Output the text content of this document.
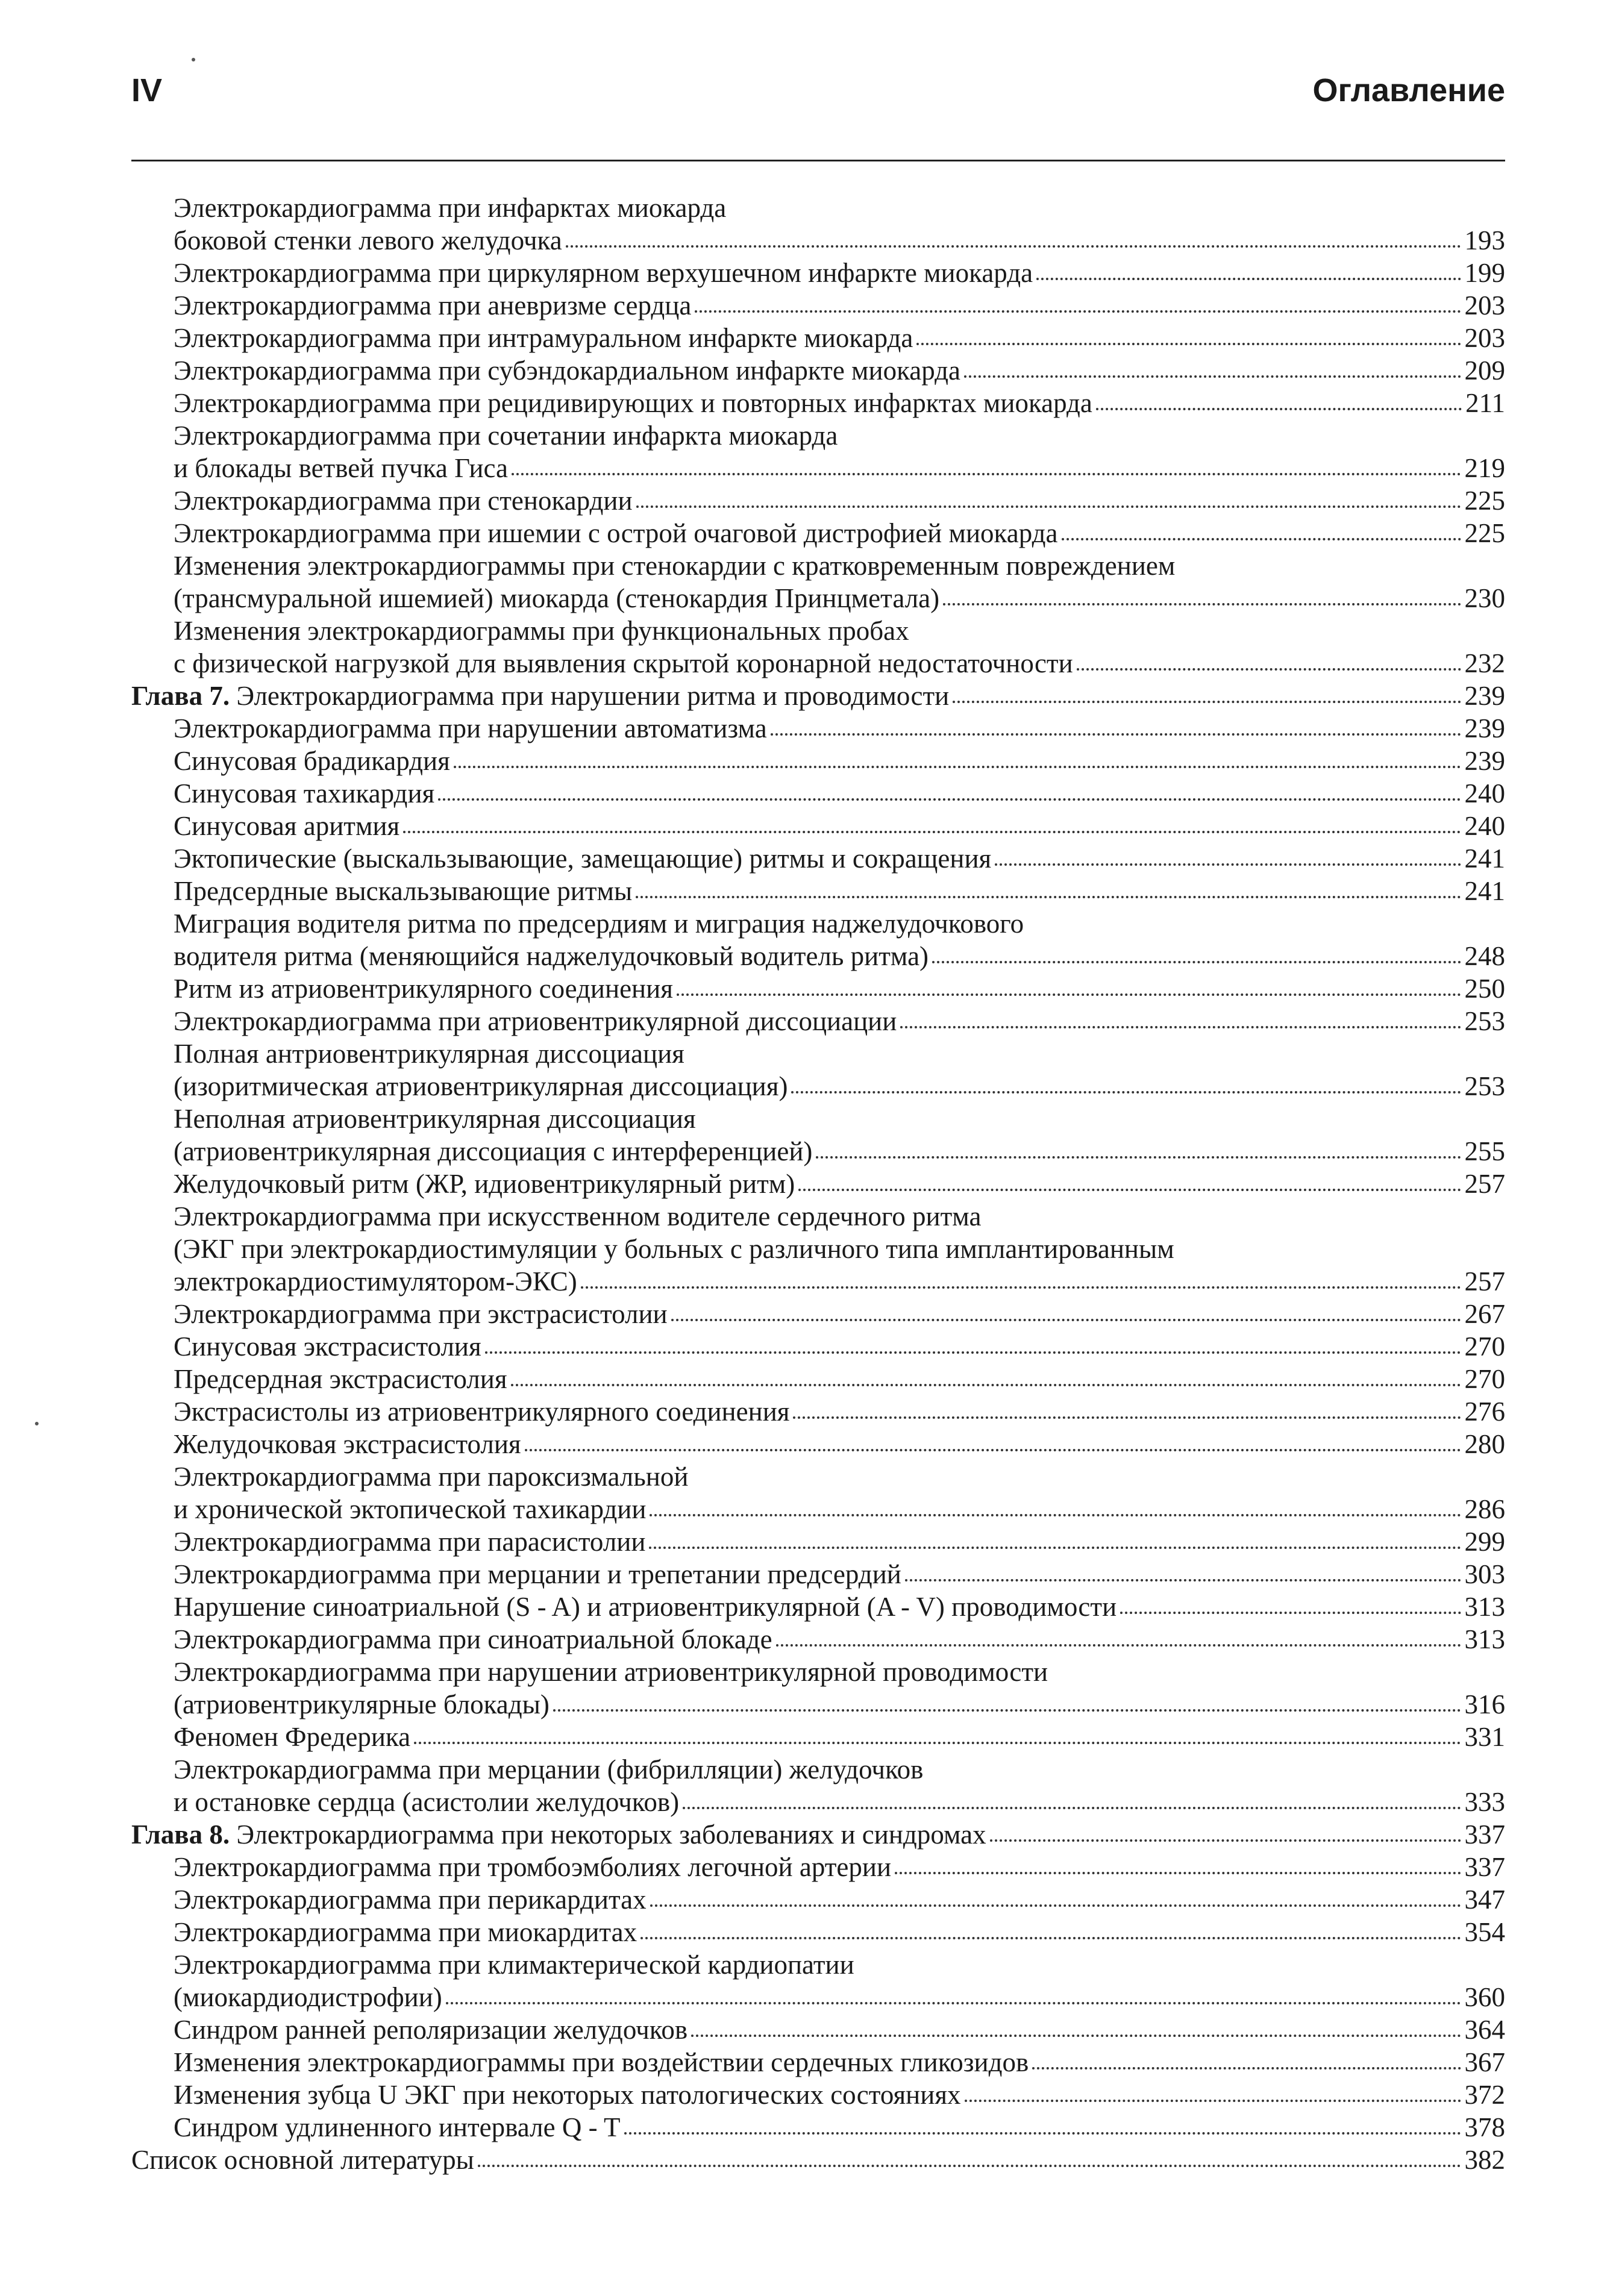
IV	Оглавление
Электрокардиограмма при инфарктах миокарда
боковой стенки левого желудочка	193
Электрокардиограмма при циркулярном верхушечном инфаркте миокарда	199
Электрокардиограмма при аневризме сердца	203
Электрокардиограмма при интрамуральном инфаркте миокарда	203
Электрокардиограмма при субэндокардиальном инфаркте миокарда	209
Электрокардиограмма при рецидивирующих и повторных инфарктах миокарда	211
Электрокардиограмма при сочетании инфаркта миокарда
и блокады ветвей пучка Гиса	219
Электрокардиограмма при стенокардии	225
Электрокардиограмма при ишемии с острой очаговой дистрофией миокарда	225
Изменения электрокардиограммы при стенокардии с кратковременным повреждением
(трансмуральной ишемией) миокарда (стенокардия Принцметала)	230
Изменения электрокардиограммы при функциональных пробах
с физической нагрузкой для выявления скрытой коронарной недостаточности	232
Глава 7.
Электрокардиограмма при нарушении ритма и проводимости	239
Электрокардиограмма при нарушении автоматизма	239
Синусовая брадикардия	239
Синусовая тахикардия	240
Синусовая аритмия	240
Эктопические (выскальзывающие, замещающие) ритмы и сокращения	241
Предсердные выскальзывающие ритмы	241
Миграция водителя ритма по предсердиям и миграция наджелудочкового
водителя ритма (меняющийся наджелудочковый водитель ритма)	248
Ритм из атриовентрикулярного соединения	250
Электрокардиограмма при атриовентрикулярной диссоциации	253
Полная антриовентрикулярная диссоциация
(изоритмическая атриовентрикулярная диссоциация)	253
Неполная атриовентрикулярная диссоциация
(атриовентрикулярная диссоциация с интерференцией)	255
Желудочковый ритм (ЖР, идиовентрикулярный ритм)	257
Электрокардиограмма при искусственном водителе сердечного ритма
(ЭКГ при электрокардиостимуляции у больных с различного типа имплантированным
электрокардиостимулятором-ЭКС)	257
Электрокардиограмма при экстрасистолии	267
Синусовая экстрасистолия	270
Предсердная экстрасистолия	270
Экстрасистолы из атриовентрикулярного соединения	276
Желудочковая экстрасистолия	280
Электрокардиограмма при пароксизмальной
и хронической эктопической тахикардии	286
Электрокардиограмма при парасистолии	299
Электрокардиограмма при мерцании и трепетании предсердий	303
Нарушение синоатриальной (S - A) и атриовентрикулярной (A - V) проводимости	313
Электрокардиограмма при синоатриальной блокаде	313
Электрокардиограмма при нарушении атриовентрикулярной проводимости
(атриовентрикулярные блокады)	316
Феномен Фредерика	331
Электрокардиограмма при мерцании (фибрилляции) желудочков
и остановке сердца (асистолии желудочков)	333
Глава 8.
Электрокардиограмма при некоторых заболеваниях и синдромах	337
Электрокардиограмма при тромбоэмболиях легочной артерии	337
Электрокардиограмма при перикардитах	347
Электрокардиограмма при миокардитах	354
Электрокардиограмма при климактерической кардиопатии
(миокардиодистрофии)	360
Синдром ранней реполяризации желудочков	364
Изменения электрокардиограммы при воздействии сердечных гликозидов	367
Изменения зубца U ЭКГ при некоторых патологических состояниях	372
Синдром удлиненного интервале Q - T	378
Список основной литературы	382
